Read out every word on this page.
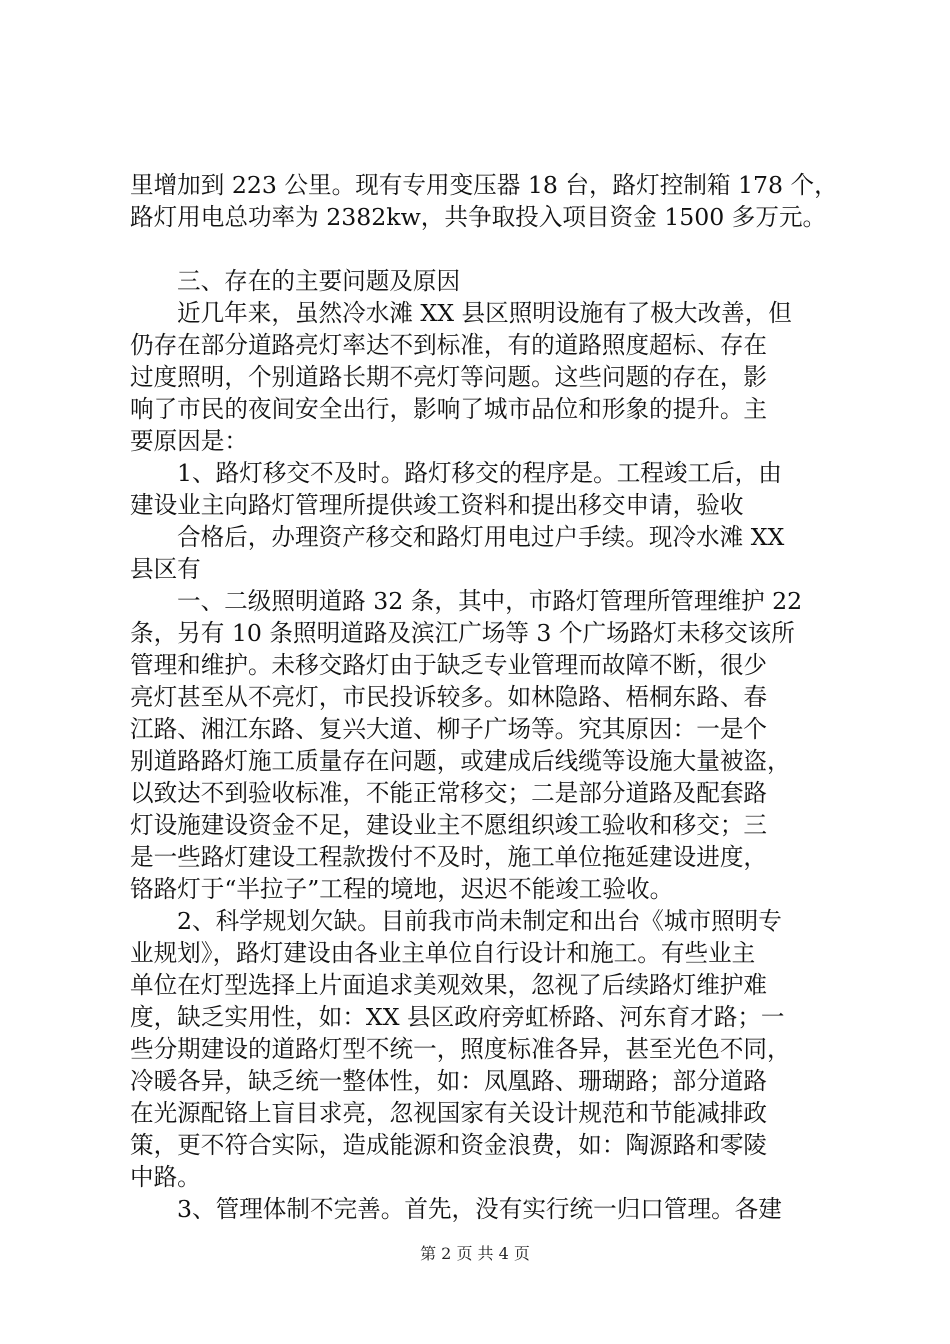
里增加到 223 公里。现有专用变压器 18 台，路灯控制箱 178 个，
路灯用电总功率为 2382kw，共争取投入项目资金 1500 多万元。
三、存在的主要问题及原因
近几年来，虽然冷水滩 XX 县区照明设施有了极大改善，但
仍存在部分道路亮灯率达不到标准，有的道路照度超标、存在
过度照明，个别道路长期不亮灯等问题。这些问题的存在，影
响了市民的夜间安全出行，影响了城市品位和形象的提升。主
要原因是：
1、路灯移交不及时。路灯移交的程序是。工程竣工后，由
建设业主向路灯管理所提供竣工资料和提出移交申请，验收
合格后，办理资产移交和路灯用电过户手续。现冷水滩 XX
县区有
一、二级照明道路 32 条，其中，市路灯管理所管理维护 22
条，另有 10 条照明道路及滨江广场等 3 个广场路灯未移交该所
管理和维护。未移交路灯由于缺乏专业管理而故障不断，很少
亮灯甚至从不亮灯，市民投诉较多。如林隐路、梧桐东路、春
江路、湘江东路、复兴大道、柳子广场等。究其原因：一是个
别道路路灯施工质量存在问题，或建成后线缆等设施大量被盗，
以致达不到验收标准，不能正常移交；二是部分道路及配套路
灯设施建设资金不足，建设业主不愿组织竣工验收和移交；三
是一些路灯建设工程款拨付不及时，施工单位拖延建设进度，
铬路灯于“半拉子”工程的境地，迟迟不能竣工验收。
2、科学规划欠缺。目前我市尚未制定和出台《城市照明专
业规划》，路灯建设由各业主单位自行设计和施工。有些业主
单位在灯型选择上片面追求美观效果，忽视了后续路灯维护难
度，缺乏实用性，如：XX 县区政府旁虹桥路、河东育才路；一
些分期建设的道路灯型不统一，照度标准各异，甚至光色不同，
冷暖各异，缺乏统一整体性，如：凤凰路、珊瑚路；部分道路
在光源配铬上盲目求亮，忽视国家有关设计规范和节能减排政
策，更不符合实际，造成能源和资金浪费，如：陶源路和零陵
中路。
3、管理体制不完善。首先，没有实行统一归口管理。各建
第 2 页 共 4 页
